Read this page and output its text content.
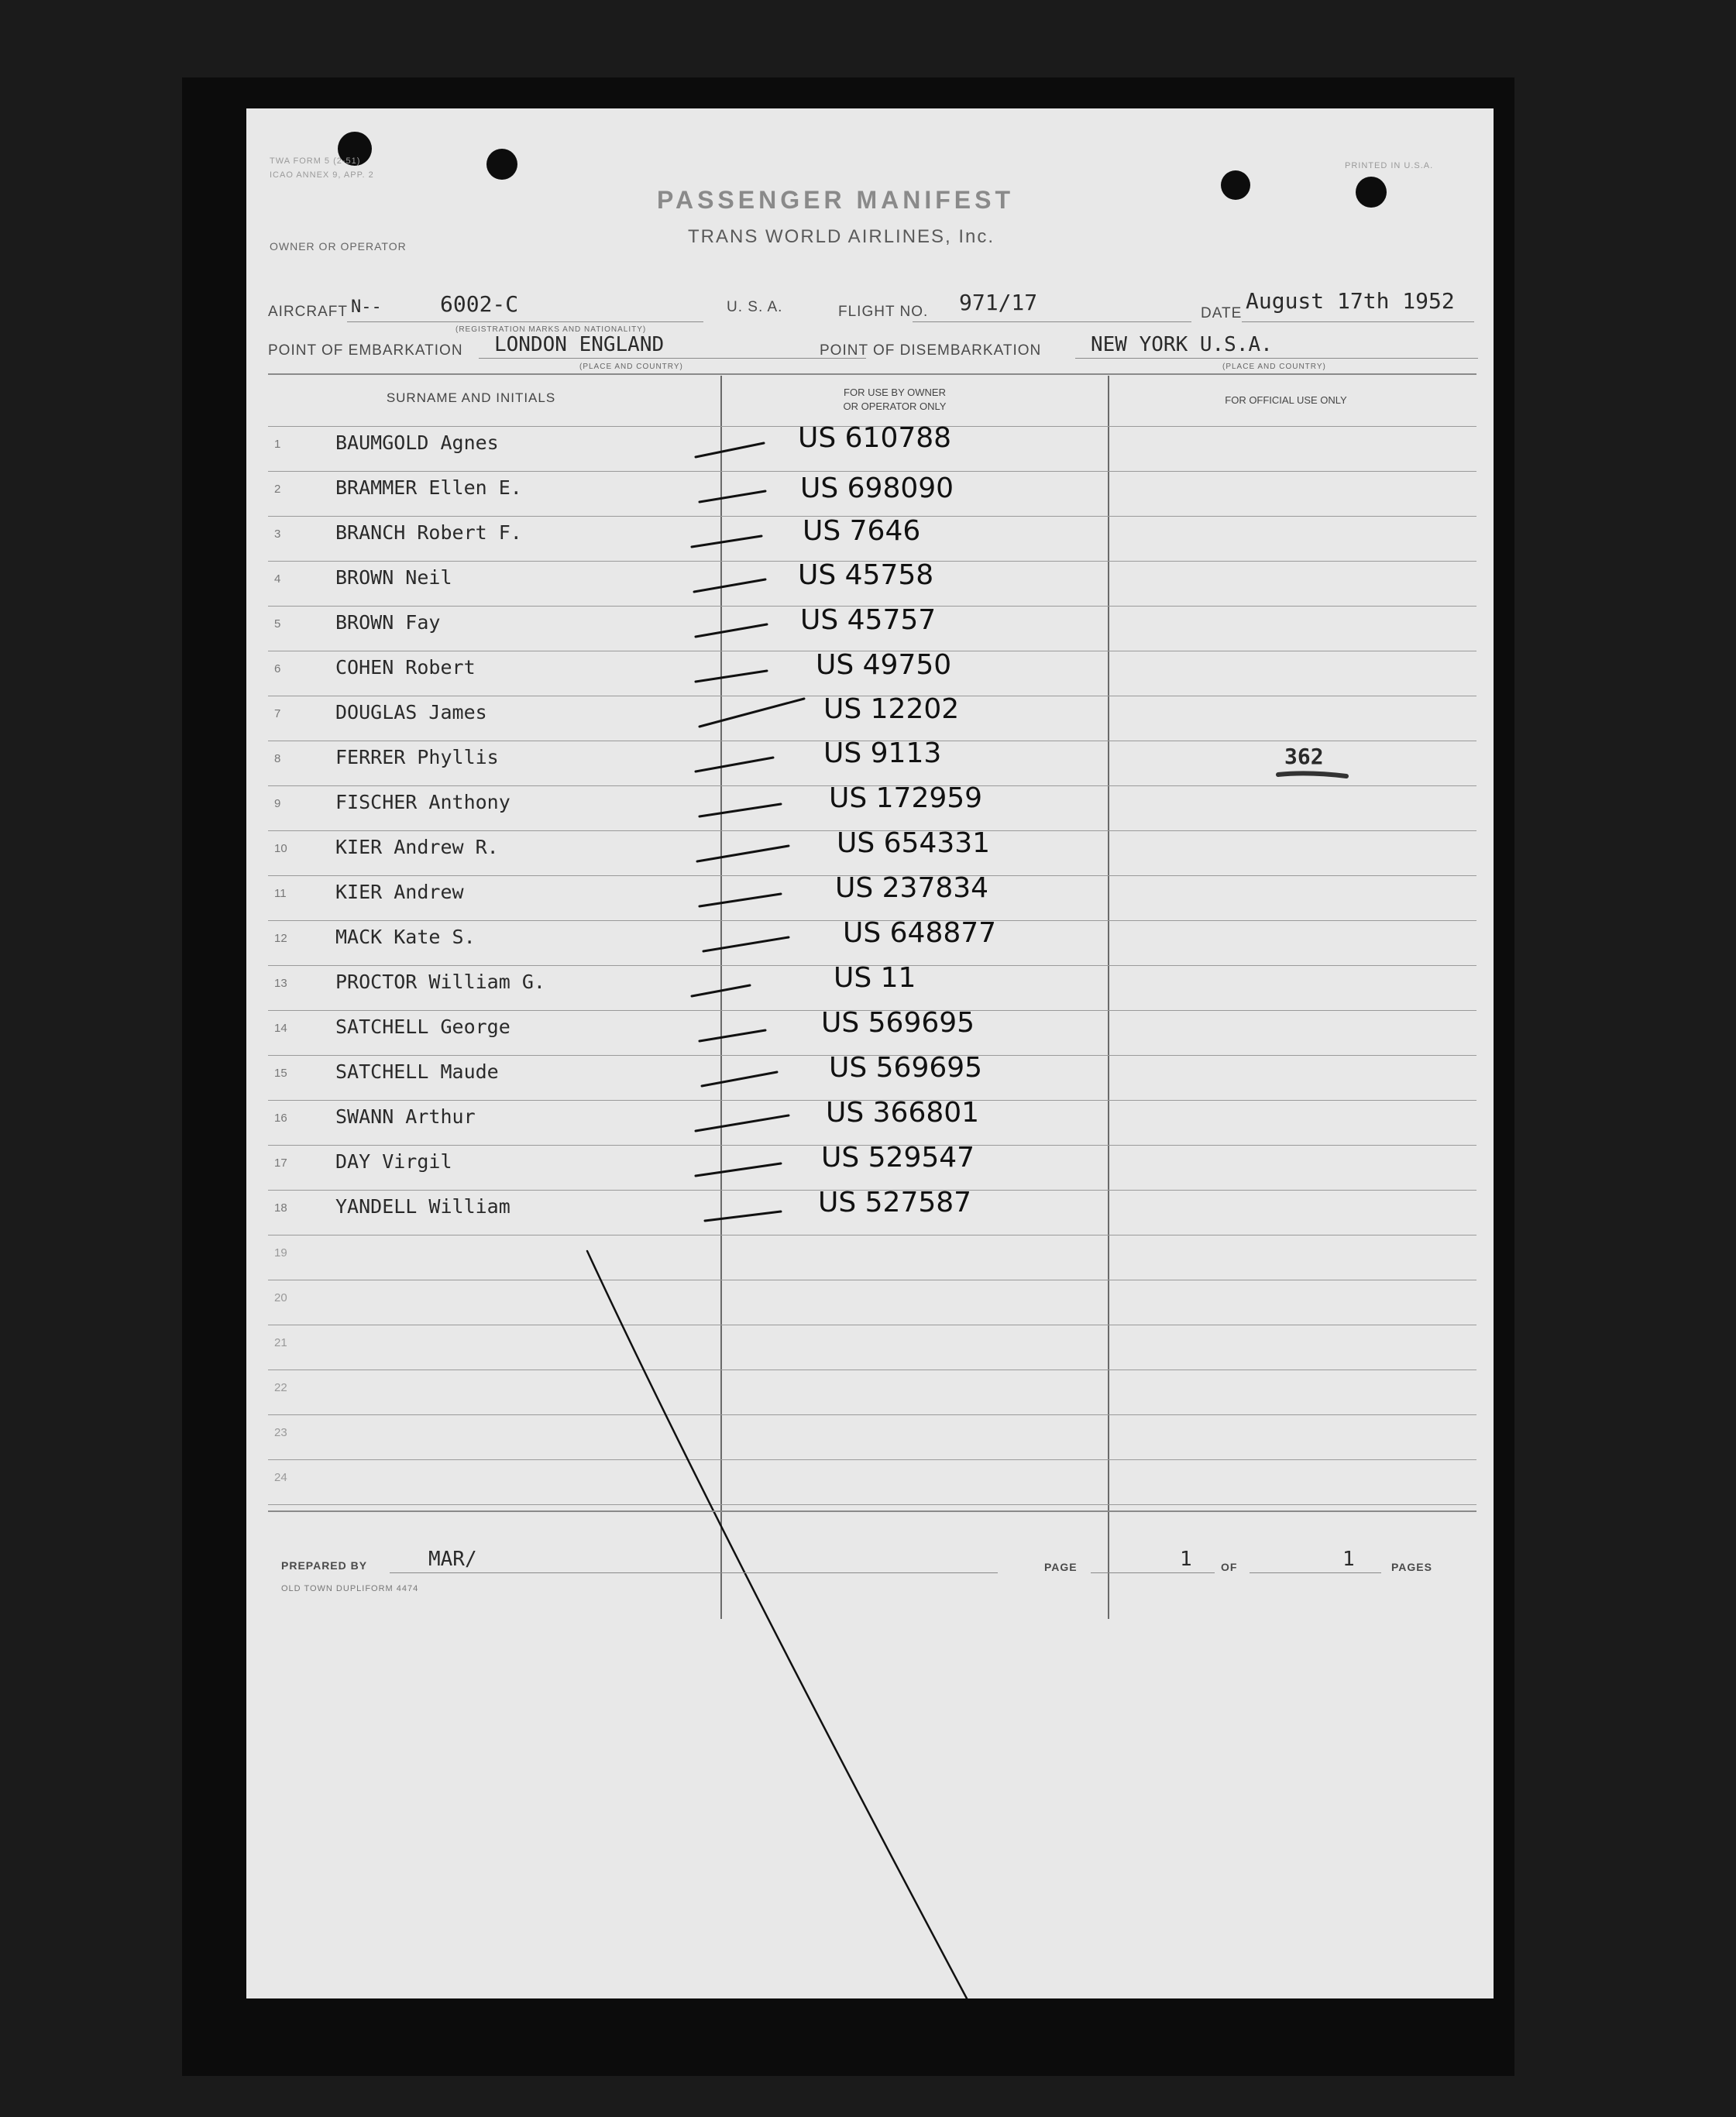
TWA FORM 5 (2-51)
ICAO ANNEX 9, APP. 2
PRINTED IN U.S.A.
PASSENGER MANIFEST
TRANS WORLD AIRLINES, Inc.
OWNER OR OPERATOR
AIRCRAFT N--	6002-C
(REGISTRATION MARKS AND NATIONALITY)
U. S. A.	FLIGHT NO. 971/17	DATE August 17th 1952
POINT OF EMBARKATION LONDON ENGLAND
(PLACE AND COUNTRY)
POINT OF DISEMBARKATION NEW YORK U.S.A.
(PLACE AND COUNTRY)
SURNAME AND INITIALS	FOR USE BY OWNER
OR OPERATOR ONLY
FOR OFFICIAL USE ONLY
1	BAUMGOLD Agnes	US 610788
2	BRAMMER Ellen E.	US 698090
3	BRANCH Robert F.	US 7646
4	BROWN Neil	US 45758
5	BROWN Fay	US 45757
6	COHEN Robert	US 49750
7	DOUGLAS James	US 12202
8	FERRER Phyllis	US 9113	362
9	FISCHER Anthony	US 172959
10 KIER Andrew R.	US 654331
11	KIER Andrew	US 237834
12 MACK Kate S.	US 648877
13 PROCTOR William G.	US 11
14 SATCHELL George	US 569695
15 SATCHELL Maude	US 569695
16 SWANN Arthur	US 366801
17 DAY Virgil	US 529547
18 YANDELL William	US 527587
19
20
21
22
23
24
PREPARED BY	MAR/
OLD TOWN DUPLIFORM 4474
PAGE	1	OF	1	PAGES
